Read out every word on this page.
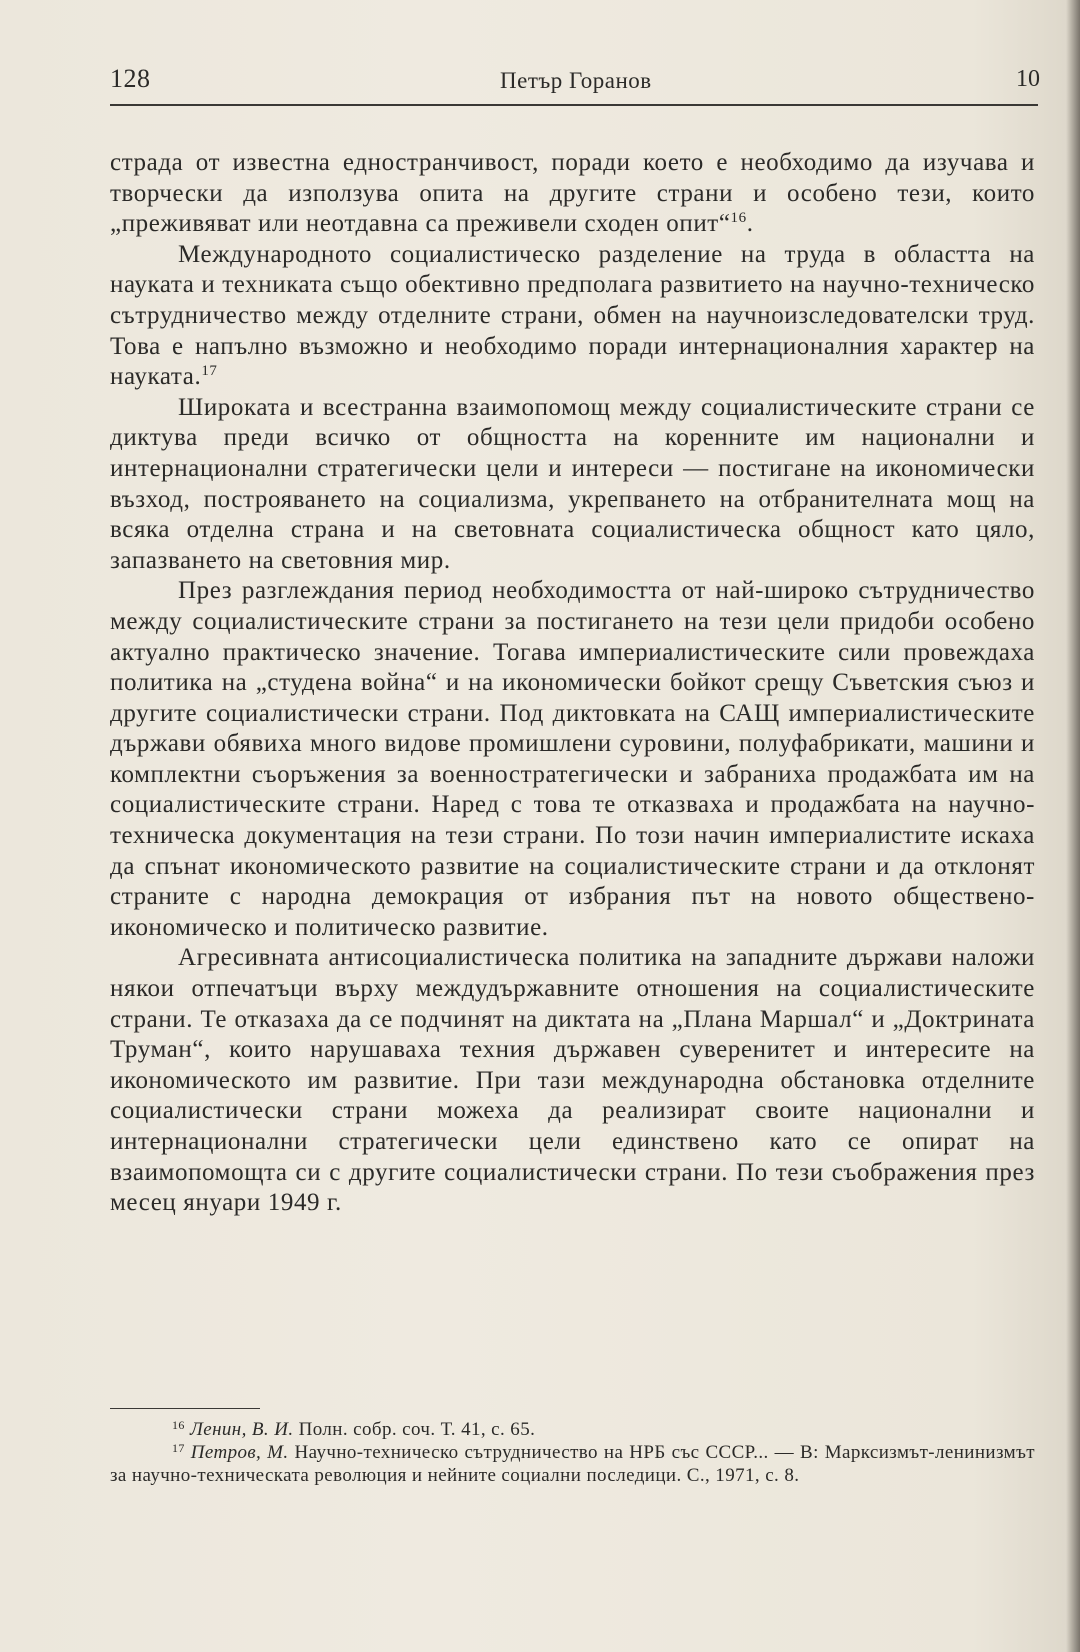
128	Петър Горанов	10

страда от известна едностранчивост, поради което е необходимо да изучава и творчески да използува опита на другите страни и особено тези, които „преживяват или неотдавна са преживели сходен опит“$^{16}$.

Международното социалистическо разделение на труда в областта на науката и техниката също обективно предполага развитието на научно-техническо сътрудничество между отделните страни, обмен на научноизследователски труд. Това е напълно възможно и необходимо поради интернационалния характер на науката.$^{17}$

Широката и всестранна взаимопомощ между социалистическите страни се диктува преди всичко от общността на коренните им национални и интернационални стратегически цели и интереси — постигане на икономически възход, построяването на социализма, укрепването на отбранителната мощ на всяка отделна страна и на световната социалистическа общност като цяло, запазването на световния мир.

През разглеждания период необходимостта от най-широко сътрудничество между социалистическите страни за постигането на тези цели придоби особено актуално практическо значение. Тогава империалистическите сили провеждаха политика на „студена война“ и на икономически бойкот срещу Съветския съюз и другите социалистически страни. Под диктовката на САЩ империалистическите държави обявиха много видове промишлени суровини, полуфабрикати, машини и комплектни съоръжения за военностратегически и забраниха продажбата им на социалистическите страни. Наред с това те отказваха и продажбата на научно-техническа документация на тези страни. По този начин империалистите искаха да спънат икономическото развитие на социалистическите страни и да отклонят страните с народна демокрация от избрания път на новото обществено-икономическо и политическо развитие.

Агресивната антисоциалистическа политика на западните държави наложи някои отпечатъци върху междудържавните отношения на социалистическите страни. Те отказаха да се подчинят на диктата на „Плана Маршал“ и „Доктрината Труман“, които нарушаваха техния държавен суверенитет и интересите на икономическото им развитие. При тази международна обстановка отделните социалистически страни можеха да реализират своите национални и интернационални стратегически цели единствено като се опират на взаимопомощта си с другите социалистически страни. По тези съображения през месец януари 1949 г.

$^{16}$ Ленин, В. И. Полн. собр. соч. Т. 41, с. 65.

$^{17}$ Петров, М. Научно-техническо сътрудничество на НРБ със СССР... — В: Марксизмът-ленинизмът за научно-техническата революция и нейните социални последици. С., 1971, с. 8.
